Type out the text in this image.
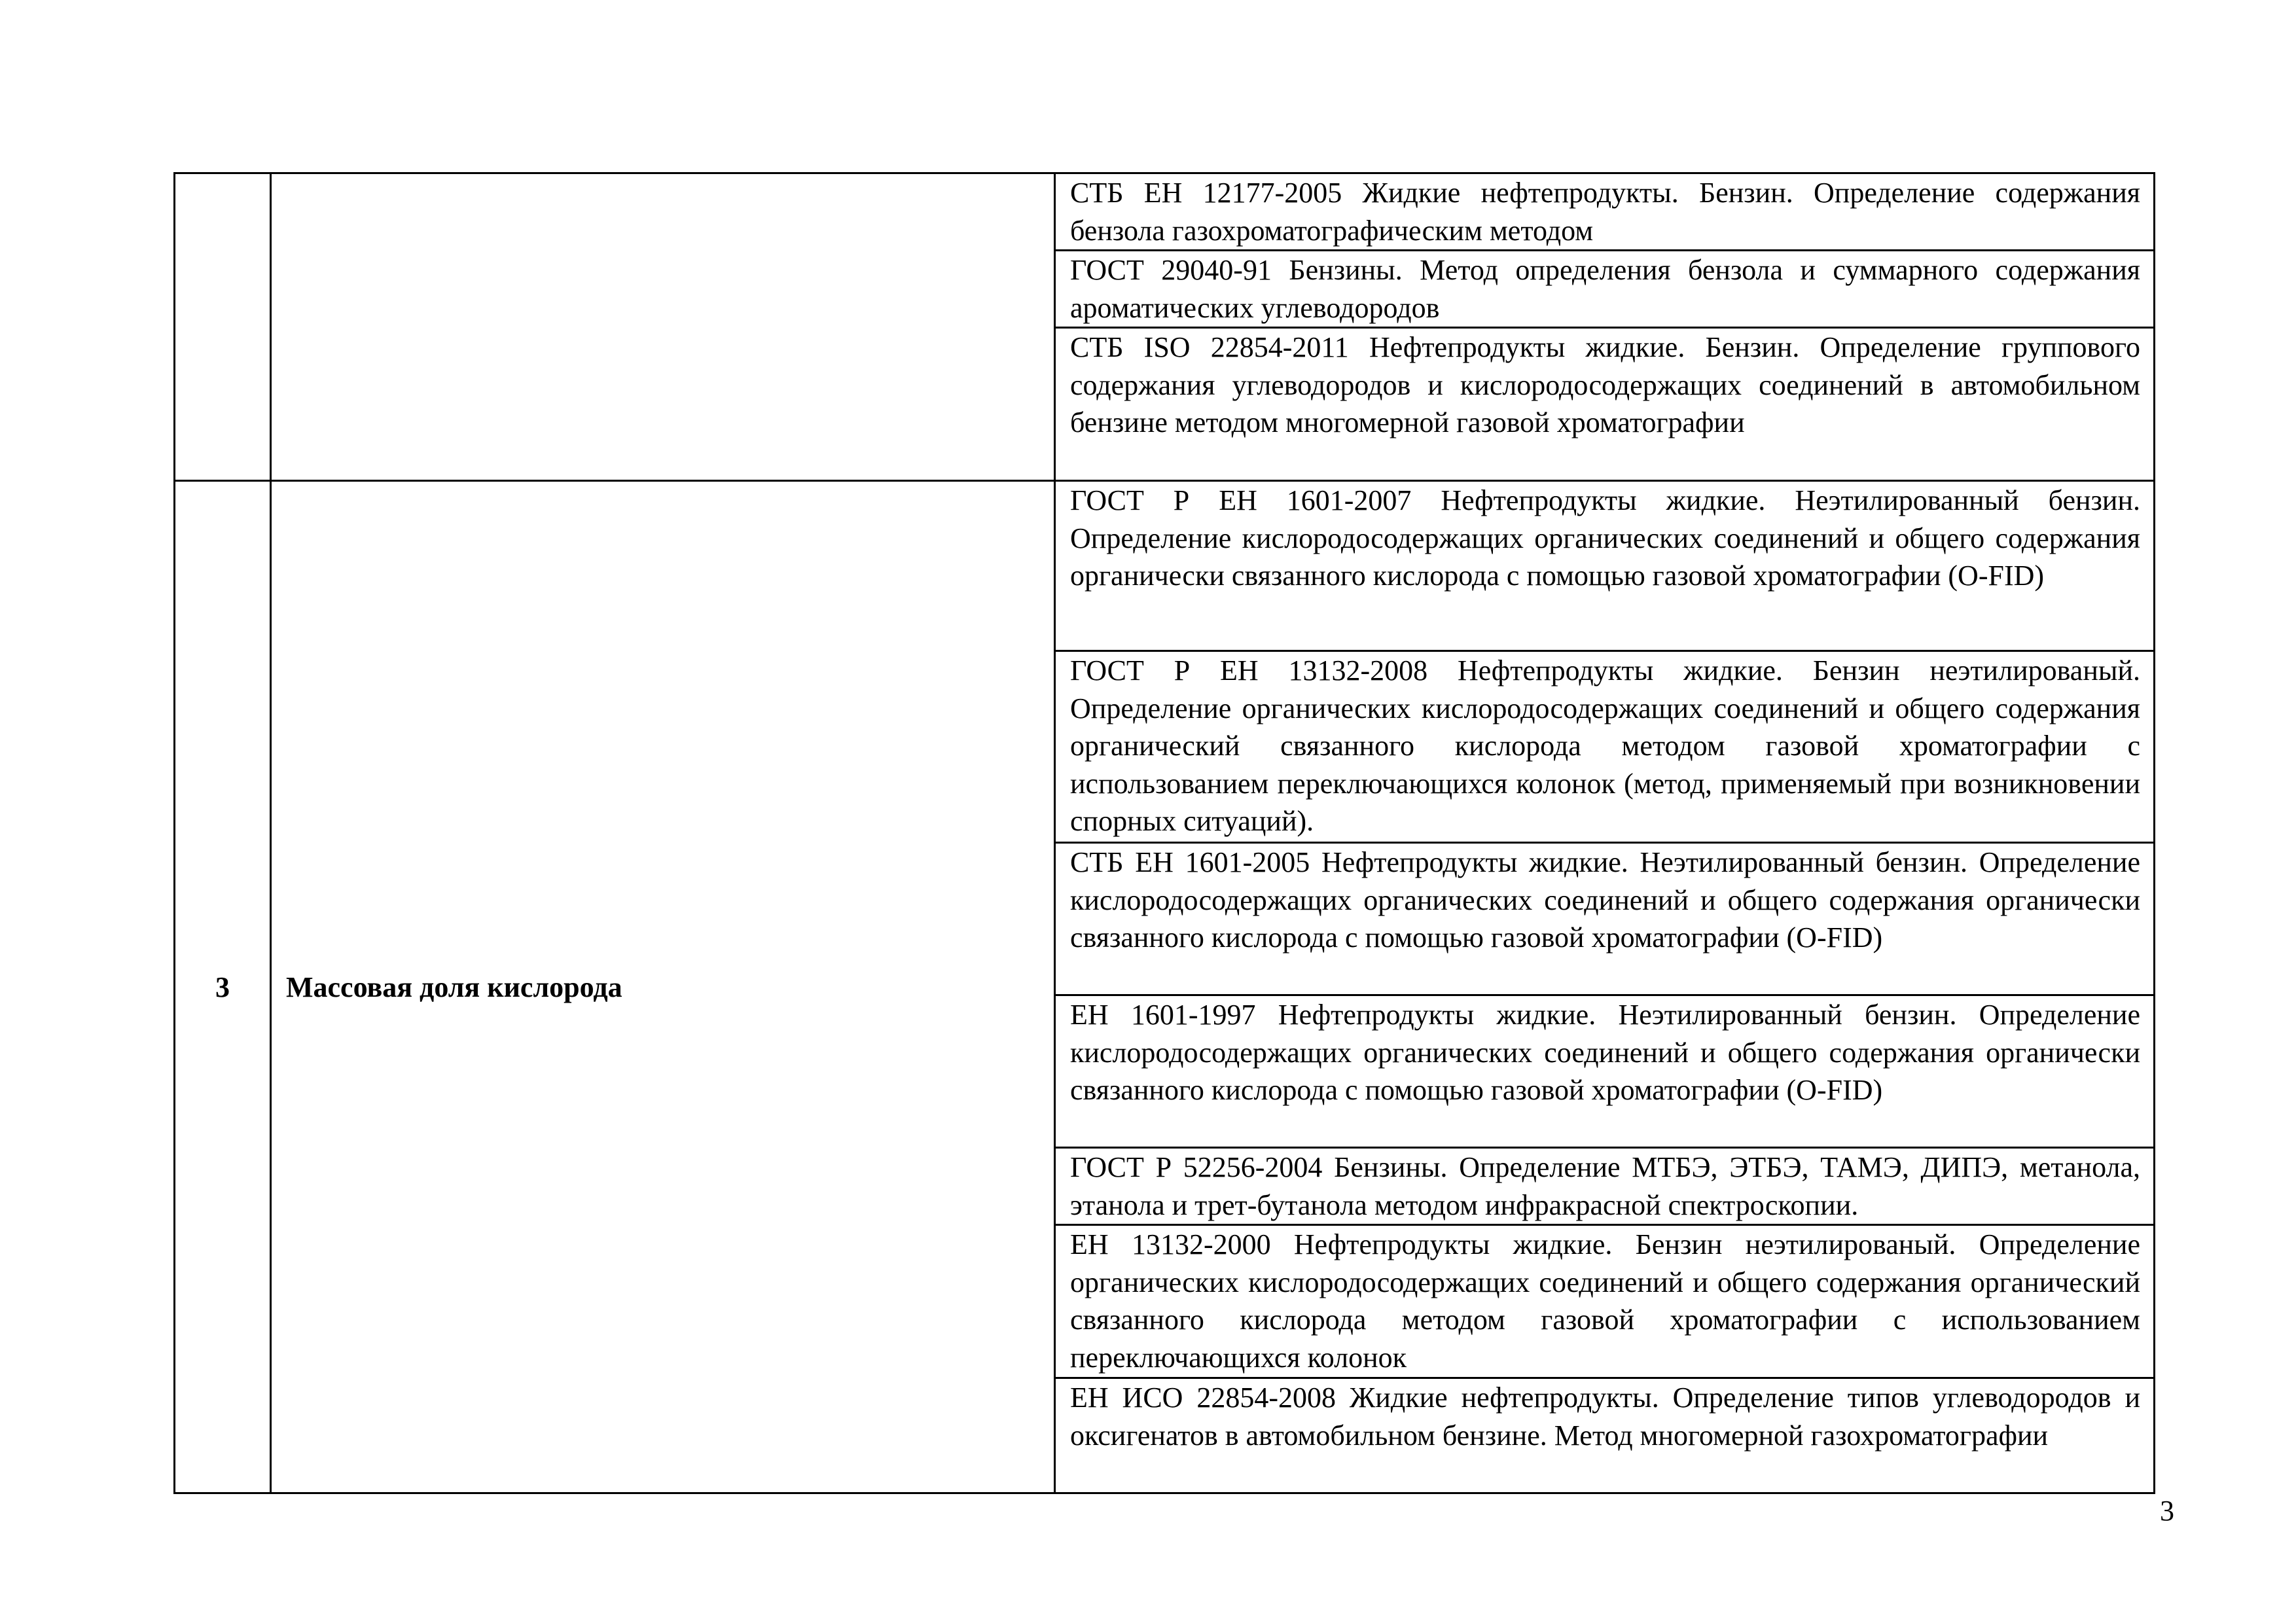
		СТБ ЕН 12177-2005 Жидкие нефтепродукты. Бензин. Определение содержания бензола газохроматографическим методом

		ГОСТ 29040-91 Бензины. Метод определения бензола и суммарного содержания ароматических углеводородов

		СТБ ISO 22854-2011 Нефтепродукты жидкие. Бензин. Определение группового содержания углеводородов и кислородосодержащих соединений в автомобильном бензине методом многомерной газовой хроматографии

3	Массовая доля кислорода	ГОСТ Р ЕН 1601-2007 Нефтепродукты жидкие. Неэтилированный бензин. Определение кислородосодержащих органических соединений и общего содержания органически связанного кислорода с помощью газовой хроматографии (O-FID)

		ГОСТ Р ЕН 13132-2008 Нефтепродукты жидкие. Бензин неэтилированый. Определение органических кислородосодержащих соединений и общего содержания органический связанного кислорода методом газовой хроматографии с использованием переключающихся колонок (метод, применяемый при возникновении спорных ситуаций).

		СТБ ЕН 1601-2005 Нефтепродукты жидкие. Неэтилированный бензин. Определение кислородосодержащих органических соединений и общего содержания органически связанного кислорода с помощью газовой хроматографии (O-FID)

		ЕН 1601-1997 Нефтепродукты жидкие. Неэтилированный бензин. Определение кислородосодержащих органических соединений и общего содержания органически связанного кислорода с помощью газовой хроматографии (O-FID)

		ГОСТ Р 52256-2004 Бензины. Определение МТБЭ, ЭТБЭ, ТАМЭ, ДИПЭ, метанола, этанола и трет-бутанола методом инфракрасной спектроскопии.

		ЕН 13132-2000 Нефтепродукты жидкие. Бензин неэтилированый. Определение органических кислородосодержащих соединений и общего содержания органический связанного кислорода методом газовой хроматографии с использованием переключающихся колонок

		ЕН ИСО 22854-2008 Жидкие нефтепродукты. Определение типов углеводородов и оксигенатов в автомобильном бензине. Метод многомерной газохроматографии
3
